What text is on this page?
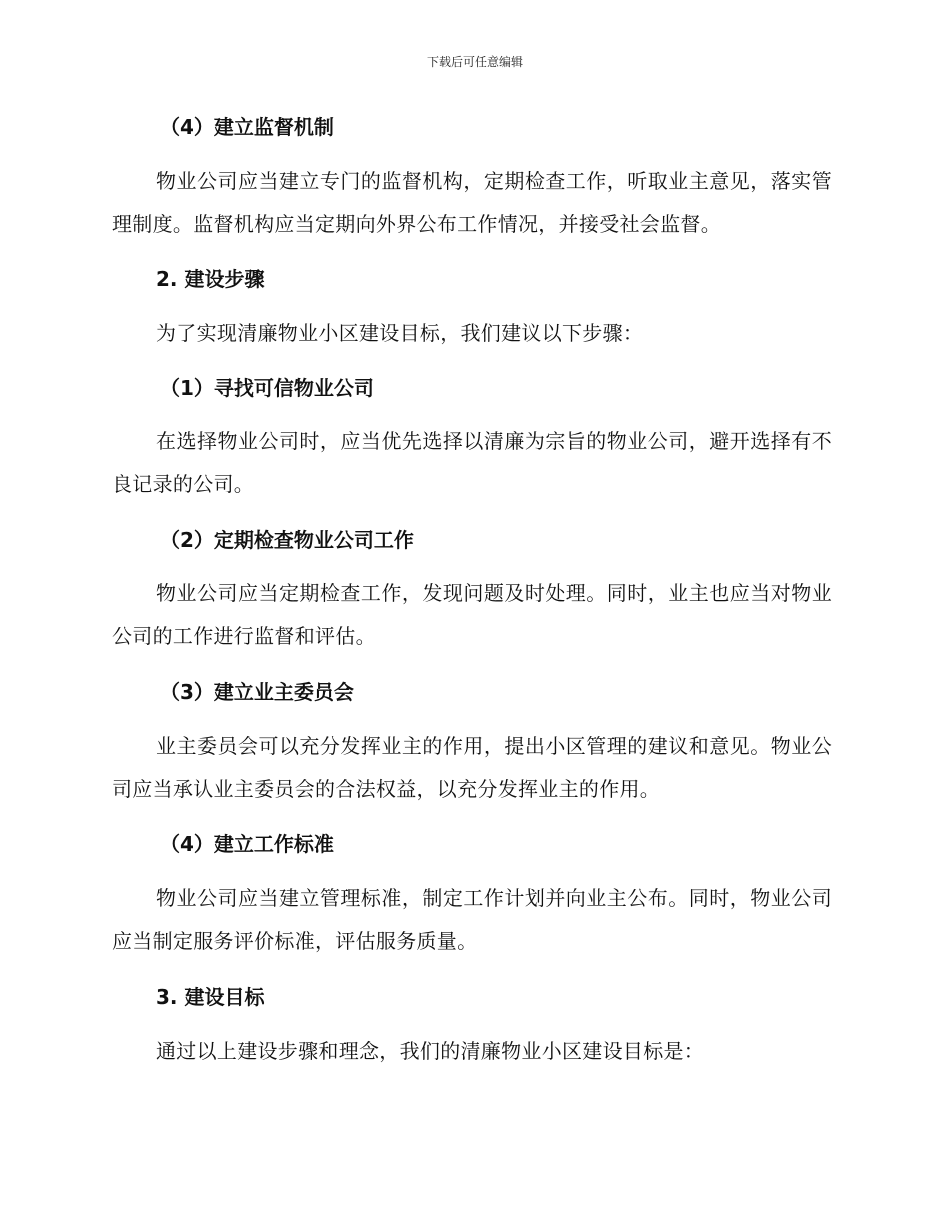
下载后可任意编辑

（4）建立监督机制

物业公司应当建立专门的监督机构，定期检查工作，听取业主意见，落实管理制度。监督机构应当定期向外界公布工作情况，并接受社会监督。

2. 建设步骤

为了实现清廉物业小区建设目标，我们建议以下步骤：

（1）寻找可信物业公司

在选择物业公司时，应当优先选择以清廉为宗旨的物业公司，避开选择有不良记录的公司。

（2）定期检查物业公司工作

物业公司应当定期检查工作，发现问题及时处理。同时，业主也应当对物业公司的工作进行监督和评估。

（3）建立业主委员会

业主委员会可以充分发挥业主的作用，提出小区管理的建议和意见。物业公司应当承认业主委员会的合法权益，以充分发挥业主的作用。

（4）建立工作标准

物业公司应当建立管理标准，制定工作计划并向业主公布。同时，物业公司应当制定服务评价标准，评估服务质量。

3. 建设目标

通过以上建设步骤和理念，我们的清廉物业小区建设目标是：
